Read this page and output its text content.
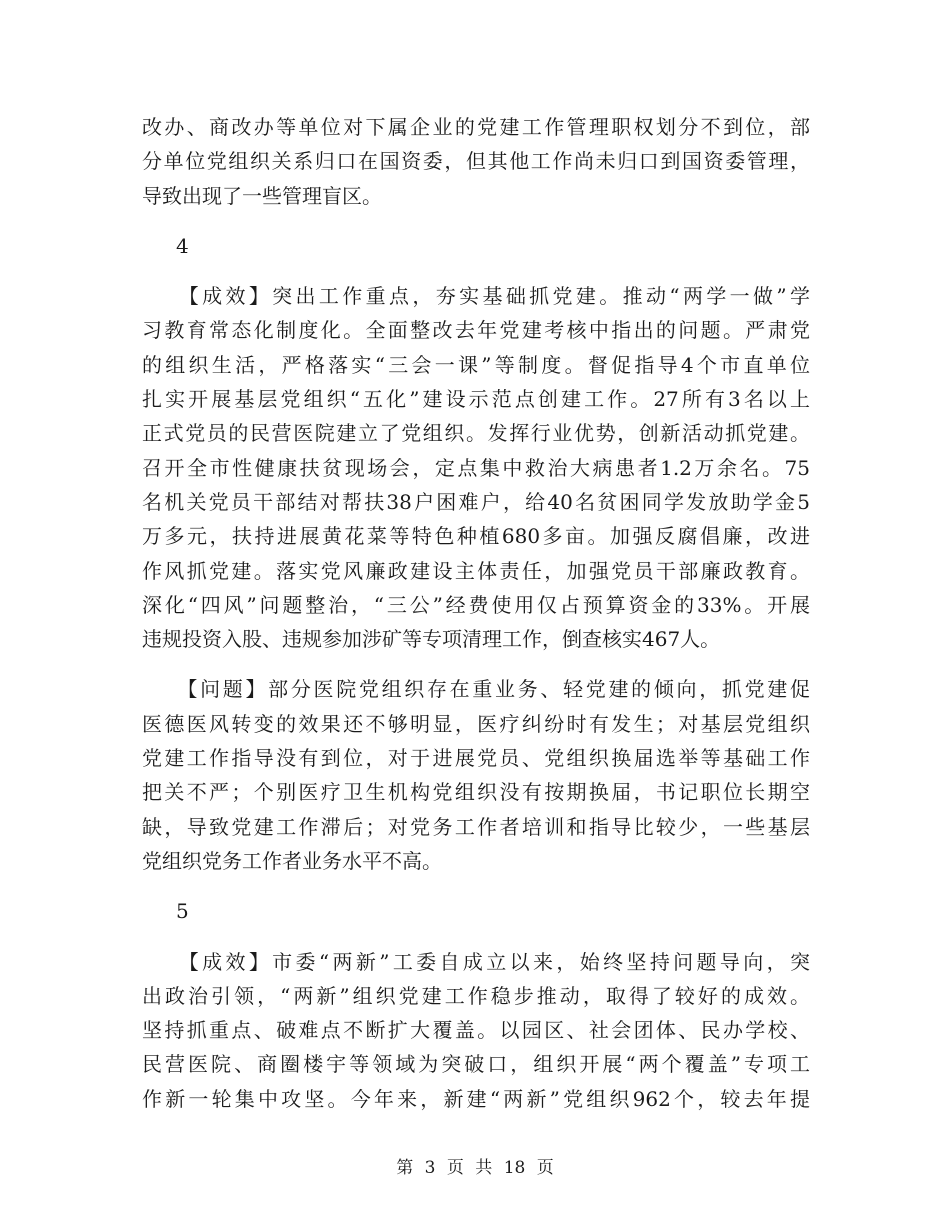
改办、商改办等单位对下属企业的党建工作管理职权划分不到位，部
分单位党组织关系归口在国资委，但其他工作尚未归口到国资委管理，
导致出现了一些管理盲区。
4
　　【成效】突出工作重点，夯实基础抓党建。推动“两学一做”学
习教育常态化制度化。全面整改去年党建考核中指出的问题。严肃党
的组织生活，严格落实“三会一课”等制度。督促指导4个市直单位
扎实开展基层党组织“五化”建设示范点创建工作。27所有3名以上
正式党员的民营医院建立了党组织。发挥行业优势，创新活动抓党建。
召开全市性健康扶贫现场会，定点集中救治大病患者1.2万余名。75
名机关党员干部结对帮扶38户困难户，给40名贫困同学发放助学金5
万多元，扶持进展黄花菜等特色种植680多亩。加强反腐倡廉，改进
作风抓党建。落实党风廉政建设主体责任，加强党员干部廉政教育。
深化“四风”问题整治，“三公”经费使用仅占预算资金的33%。开展
违规投资入股、违规参加涉矿等专项清理工作，倒查核实467人。
　　【问题】部分医院党组织存在重业务、轻党建的倾向，抓党建促
医德医风转变的效果还不够明显，医疗纠纷时有发生；对基层党组织
党建工作指导没有到位，对于进展党员、党组织换届选举等基础工作
把关不严；个别医疗卫生机构党组织没有按期换届，书记职位长期空
缺，导致党建工作滞后；对党务工作者培训和指导比较少，一些基层
党组织党务工作者业务水平不高。
5
　　【成效】市委“两新”工委自成立以来，始终坚持问题导向，突
出政治引领，“两新”组织党建工作稳步推动，取得了较好的成效。
坚持抓重点、破难点不断扩大覆盖。以园区、社会团体、民办学校、
民营医院、商圈楼宇等领域为突破口，组织开展“两个覆盖”专项工
作新一轮集中攻坚。今年来，新建“两新”党组织962个，较去年提
第 3 页 共 18 页
